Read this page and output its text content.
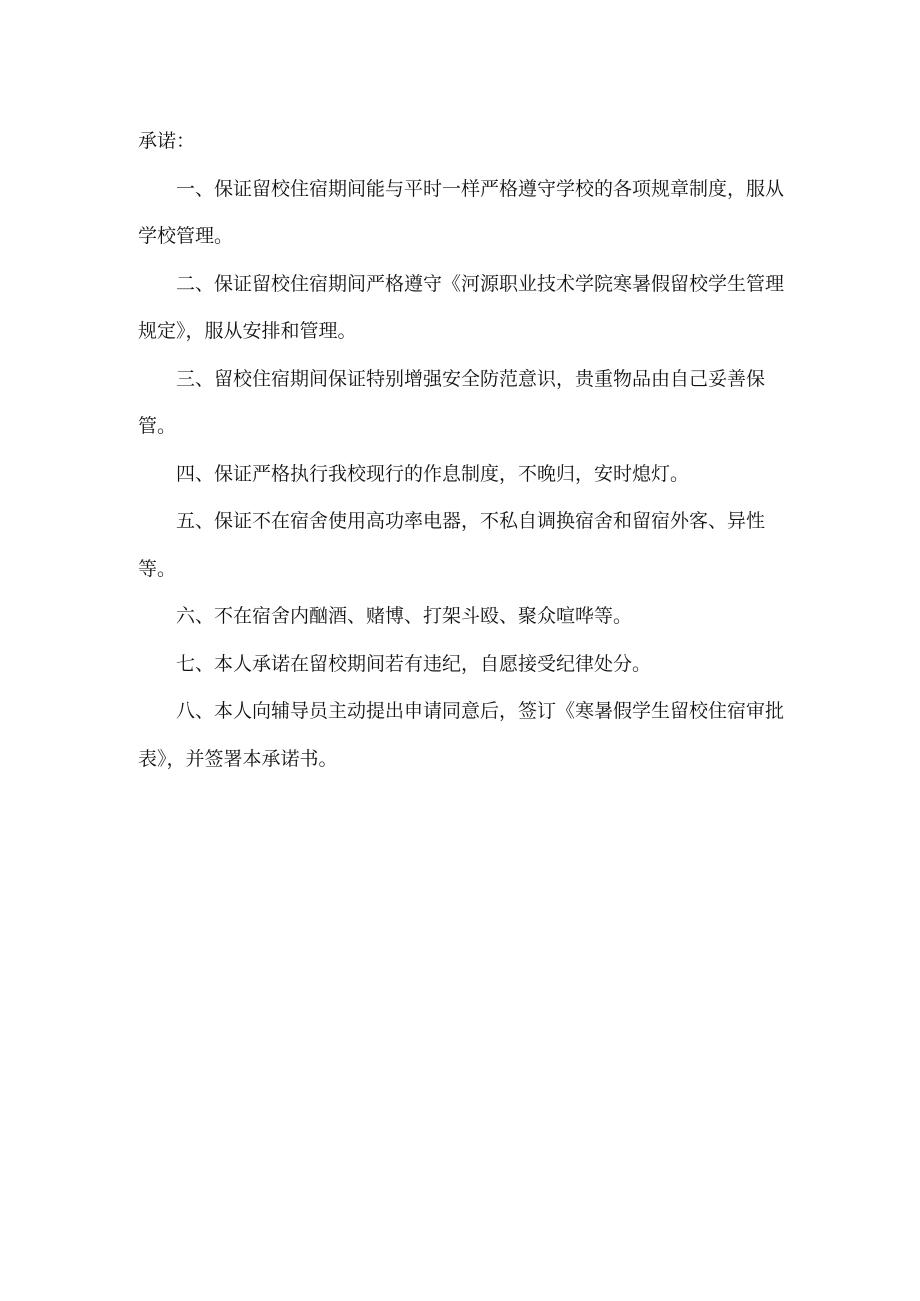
承诺：

一、保证留校住宿期间能与平时一样严格遵守学校的各项规章制度，服从学校管理。

二、保证留校住宿期间严格遵守《河源职业技术学院寒暑假留校学生管理规定》，服从安排和管理。

三、留校住宿期间保证特别增强安全防范意识，贵重物品由自己妥善保管。

四、保证严格执行我校现行的作息制度，不晚归，安时熄灯。

五、保证不在宿舍使用高功率电器，不私自调换宿舍和留宿外客、异性等。

六、不在宿舍内酗酒、赌博、打架斗殴、聚众喧哗等。

七、本人承诺在留校期间若有违纪，自愿接受纪律处分。

八、本人向辅导员主动提出申请同意后，签订《寒暑假学生留校住宿审批表》，并签署本承诺书。
